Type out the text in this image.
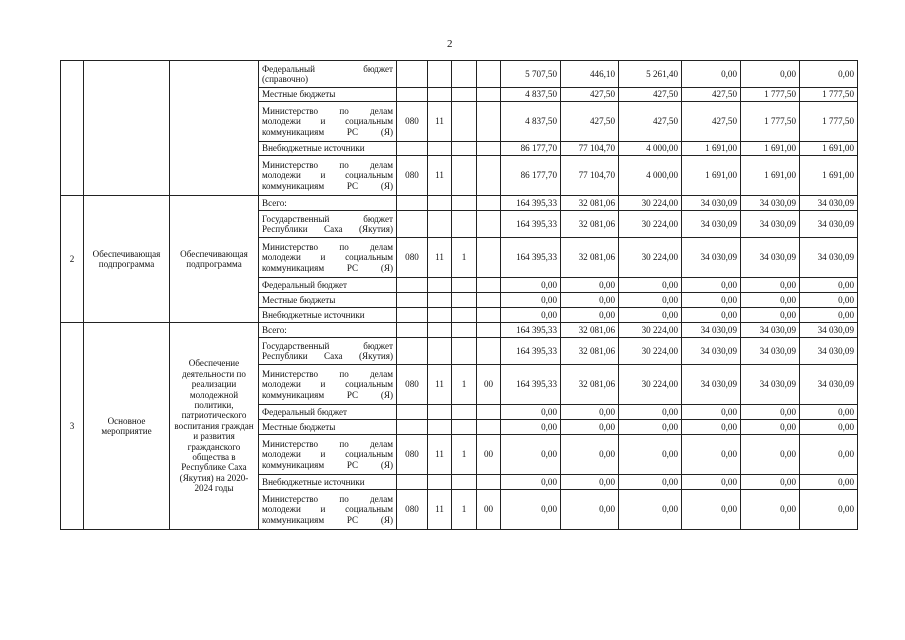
2
			Федеральный бюджет (справочно)					5 707,50	446,10	5 261,40	0,00	0,00	0,00
			Местные бюджеты					4 837,50	427,50	427,50	427,50	1 777,50	1 777,50
			Министерство по делам молодежи и социальным коммуникациям РС (Я)	080	11			4 837,50	427,50	427,50	427,50	1 777,50	1 777,50
			Внебюджетные источники					86 177,70	77 104,70	4 000,00	1 691,00	1 691,00	1 691,00
			Министерство по делам молодежи и социальным коммуникациям РС (Я)	080	11			86 177,70	77 104,70	4 000,00	1 691,00	1 691,00	1 691,00
2	Обеспечивающая подпрограмма	Обеспечивающая подпрограмма	Всего:					164 395,33	32 081,06	30 224,00	34 030,09	34 030,09	34 030,09
			Государственный бюджет Республики Саха (Якутия)					164 395,33	32 081,06	30 224,00	34 030,09	34 030,09	34 030,09
			Министерство по делам молодежи и социальным коммуникациям РС (Я)	080	11	1		164 395,33	32 081,06	30 224,00	34 030,09	34 030,09	34 030,09
			Федеральный бюджет					0,00	0,00	0,00	0,00	0,00	0,00
			Местные бюджеты					0,00	0,00	0,00	0,00	0,00	0,00
			Внебюджетные источники					0,00	0,00	0,00	0,00	0,00	0,00
3	Основное мероприятие	Обеспечение деятельности по реализации молодежной политики, патриотического воспитания граждан и развития гражданского общества в Республике Саха (Якутия) на 2020-2024 годы	Всего:					164 395,33	32 081,06	30 224,00	34 030,09	34 030,09	34 030,09
			Государственный бюджет Республики Саха (Якутия)					164 395,33	32 081,06	30 224,00	34 030,09	34 030,09	34 030,09
			Министерство по делам молодежи и социальным коммуникациям РС (Я)	080	11	1	00	164 395,33	32 081,06	30 224,00	34 030,09	34 030,09	34 030,09
			Федеральный бюджет					0,00	0,00	0,00	0,00	0,00	0,00
			Местные бюджеты					0,00	0,00	0,00	0,00	0,00	0,00
			Министерство по делам молодежи и социальным коммуникациям РС (Я)	080	11	1	00	0,00	0,00	0,00	0,00	0,00	0,00
			Внебюджетные источники					0,00	0,00	0,00	0,00	0,00	0,00
			Министерство по делам молодежи и социальным коммуникациям РС (Я)	080	11	1	00	0,00	0,00	0,00	0,00	0,00	0,00
